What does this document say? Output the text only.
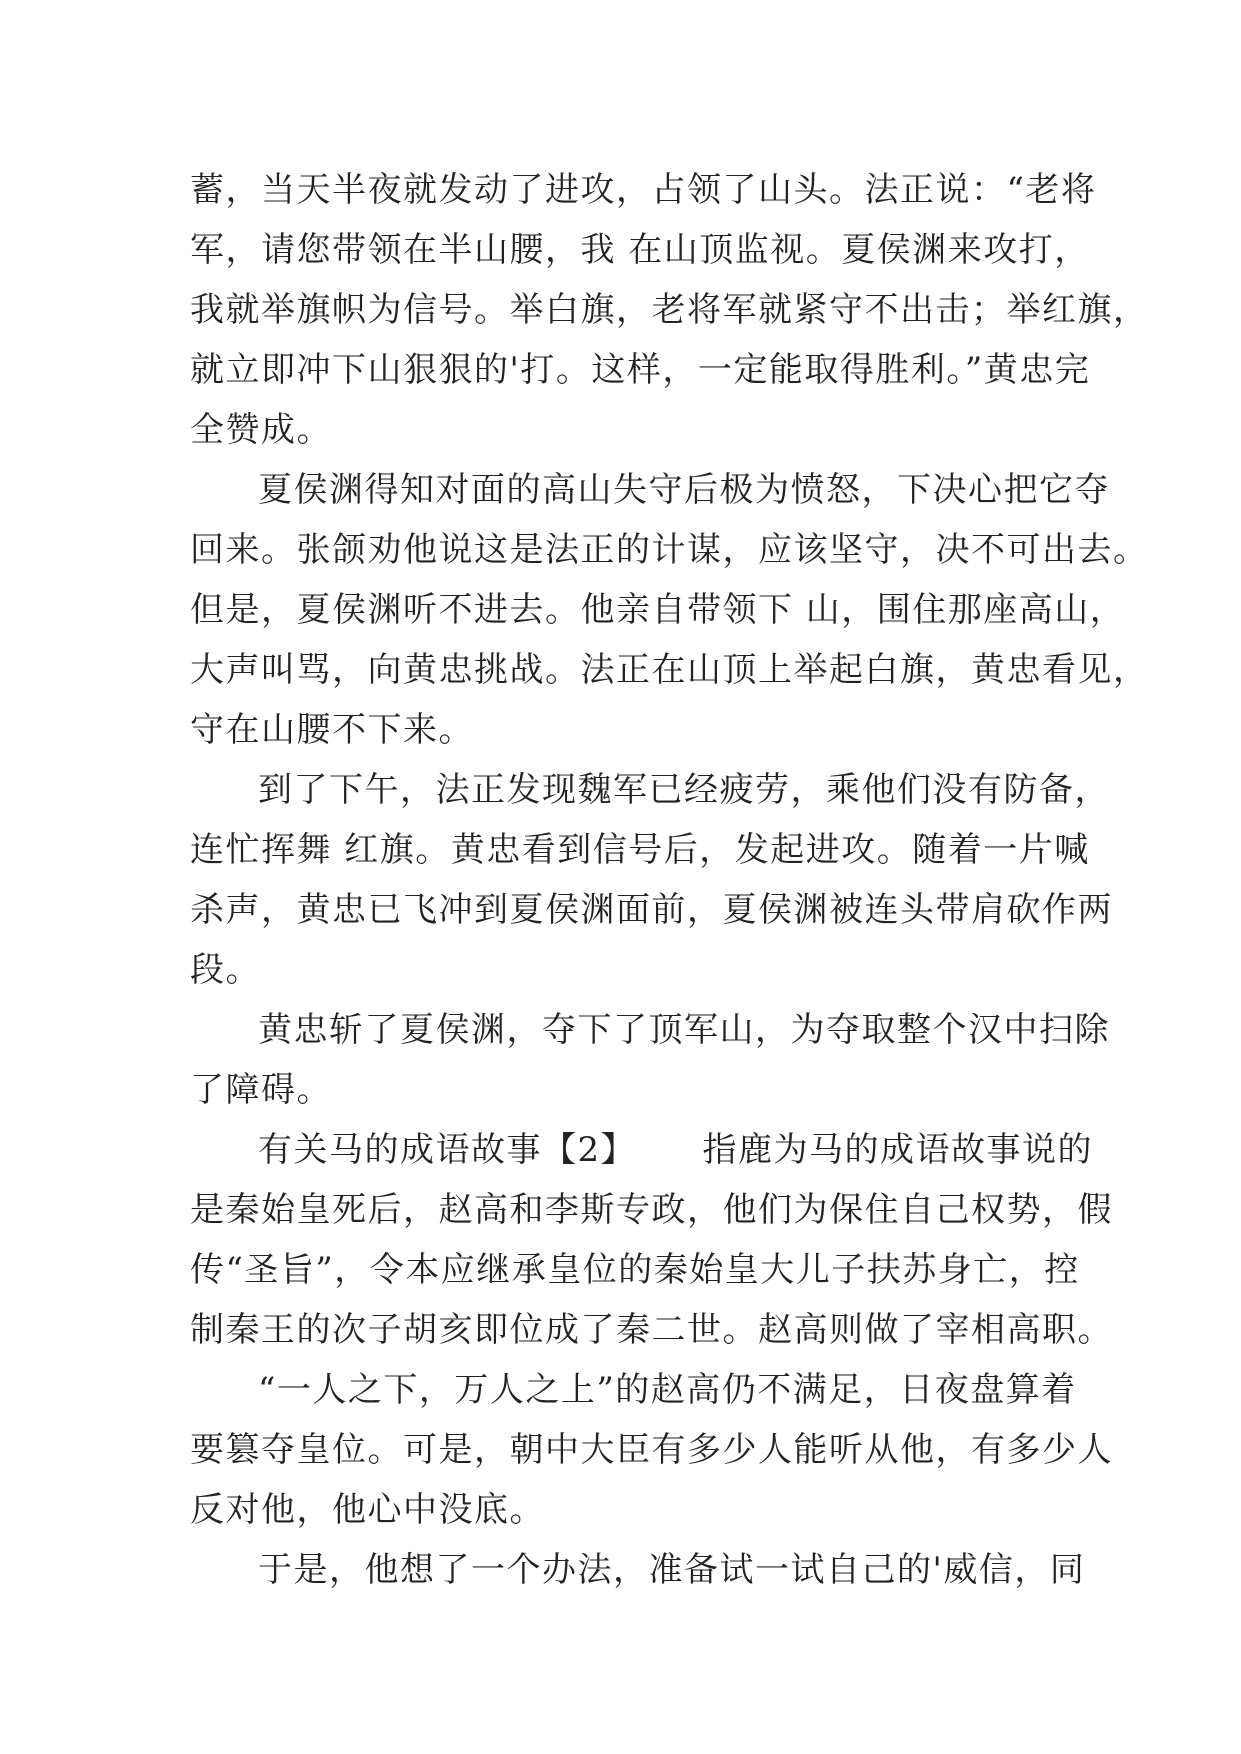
蓄，当天半夜就发动了进攻，占领了山头。法正说：“老将
军，请您带领在半山腰，我 在山顶监视。夏侯渊来攻打，
我就举旗帜为信号。举白旗，老将军就紧守不出击；举红旗，
就立即冲下山狠狠的'打。这样，一定能取得胜利。”黄忠完
全赞成。
夏侯渊得知对面的高山失守后极为愤怒，下决心把它夺
回来。张颌劝他说这是法正的计谋，应该坚守，决不可出去。
但是，夏侯渊听不进去。他亲自带领下 山，围住那座高山，
大声叫骂，向黄忠挑战。法正在山顶上举起白旗，黄忠看见，
守在山腰不下来。
到了下午，法正发现魏军已经疲劳，乘他们没有防备，
连忙挥舞 红旗。黄忠看到信号后，发起进攻。随着一片喊
杀声，黄忠已飞冲到夏侯渊面前，夏侯渊被连头带肩砍作两
段。
黄忠斩了夏侯渊，夺下了顶军山，为夺取整个汉中扫除
了障碍。
有关马的成语故事【2】　　 指鹿为马的成语故事说的
是秦始皇死后，赵高和李斯专政，他们为保住自己权势，假
传“圣旨”，令本应继承皇位的秦始皇大儿子扶苏身亡，控
制秦王的次子胡亥即位成了秦二世。赵高则做了宰相高职。
“一人之下，万人之上”的赵高仍不满足，日夜盘算着
要篡夺皇位。可是，朝中大臣有多少人能听从他，有多少人
反对他，他心中没底。
于是，他想了一个办法，准备试一试自己的'威信，同
